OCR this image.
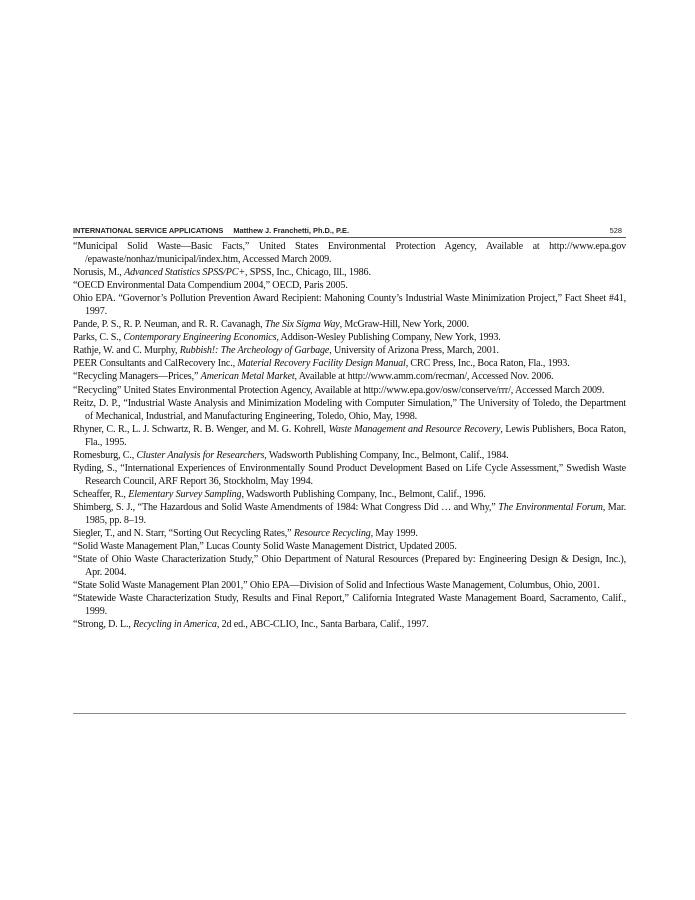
INTERNATIONAL SERVICE APPLICATIONS Matthew J. Franchetti, Ph.D., P.E.	528
“Municipal Solid Waste—Basic Facts,” United States Environmental Protection Agency, Available at http://www.epa.gov /epawaste/nonhaz/municipal/index.htm, Accessed March 2009.
Norusis, M., Advanced Statistics SPSS/PC+, SPSS, Inc., Chicago, Ill., 1986.
“OECD Environmental Data Compendium 2004,” OECD, Paris 2005.
Ohio EPA. “Governor’s Pollution Prevention Award Recipient: Mahoning County’s Industrial Waste Minimization Project,” Fact Sheet #41, 1997.
Pande, P. S., R. P. Neuman, and R. R. Cavanagh, The Six Sigma Way, McGraw-Hill, New York, 2000.
Parks, C. S., Contemporary Engineering Economics, Addison-Wesley Publishing Company, New York, 1993.
Rathje, W. and C. Murphy, Rubbish!: The Archeology of Garbage, University of Arizona Press, March, 2001.
PEER Consultants and CalRecovery Inc., Material Recovery Facility Design Manual, CRC Press, Inc., Boca Raton, Fla., 1993.
“Recycling Managers—Prices,” American Metal Market, Available at http://www.amm.com/recman/, Accessed Nov. 2006.
“Recycling” United States Environmental Protection Agency, Available at http://www.epa.gov/osw/conserve/rrr/, Accessed March 2009.
Reitz, D. P., “Industrial Waste Analysis and Minimization Modeling with Computer Simulation,” The University of Toledo, the Department of Mechanical, Industrial, and Manufacturing Engineering, Toledo, Ohio, May, 1998.
Rhyner, C. R., L. J. Schwartz, R. B. Wenger, and M. G. Kohrell, Waste Management and Resource Recovery, Lewis Publishers, Boca Raton, Fla., 1995.
Romesburg, C., Cluster Analysis for Researchers, Wadsworth Publishing Company, Inc., Belmont, Calif., 1984.
Ryding, S., “International Experiences of Environmentally Sound Product Development Based on Life Cycle Assessment,” Swedish Waste Research Council, ARF Report 36, Stockholm, May 1994.
Scheaffer, R., Elementary Survey Sampling, Wadsworth Publishing Company, Inc., Belmont, Calif., 1996.
Shimberg, S. J., “The Hazardous and Solid Waste Amendments of 1984: What Congress Did … and Why,” The Environmental Forum, Mar. 1985, pp. 8–19.
Siegler, T., and N. Starr, “Sorting Out Recycling Rates,” Resource Recycling, May 1999.
“Solid Waste Management Plan,” Lucas County Solid Waste Management District, Updated 2005.
“State of Ohio Waste Characterization Study,” Ohio Department of Natural Resources (Prepared by: Engineering Design & Design, Inc.), Apr. 2004.
“State Solid Waste Management Plan 2001,” Ohio EPA—Division of Solid and Infectious Waste Management, Columbus, Ohio, 2001.
“Statewide Waste Characterization Study, Results and Final Report,” California Integrated Waste Management Board, Sacramento, Calif., 1999.
“Strong, D. L., Recycling in America, 2d ed., ABC-CLIO, Inc., Santa Barbara, Calif., 1997.
